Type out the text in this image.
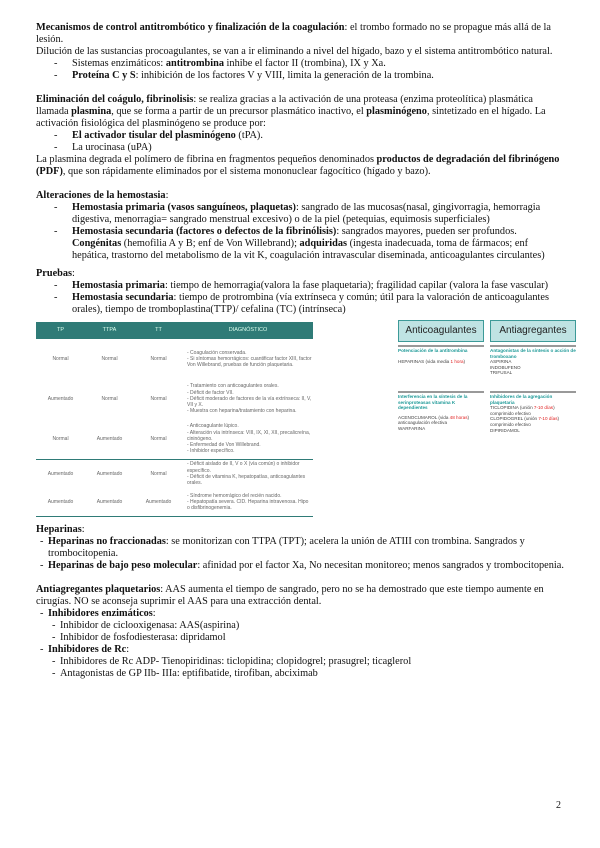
Mecanismos de control antitrombótico y finalización de la coagulación: el trombo formado no se propague más allá de la lesión.

Dilución de las sustancias procoagulantes, se van a ir eliminando a nivel del hígado, bazo y el sistema antitrombótico natural.

- Sistemas enzimáticos: antitrombina inhibe el factor II (trombina), IX y Xa.

- Proteína C y S: inhibición de los factores V y VIII, limita la generación de la trombina.

Eliminación del coágulo, fibrinolisis: se realiza gracias a la activación de una proteasa (enzima proteolítica) plasmática llamada plasmina, que se forma a partir de un precursor plasmático inactivo, el plasminógeno, sintetizado en el hígado. La activación fisiológica del plasminógeno se produce por:

- El activador tisular del plasminógeno (tPA).

- La urocinasa (uPA)

La plasmina degrada el polímero de fibrina en fragmentos pequeños denominados productos de degradación del fibrinógeno (PDF), que son rápidamente eliminados por el sistema mononuclear fagocítico (hígado y bazo).

Alteraciones de la hemostasia:

- Hemostasia primaria (vasos sanguíneos, plaquetas): sangrado de las mucosas(nasal, gingivorragia, hemorragia digestiva, menorragia= sangrado menstrual excesivo) o de la piel (petequias, equimosis superficiales)

- Hemostasia secundaria (factores o defectos de la fibrinólisis): sangrados mayores, pueden ser profundos. Congénitas (hemofilia A y B; enf de Von Willebrand); adquiridas (ingesta inadecuada, toma de fármacos; enf hepática, trastorno del metabolismo de la vit K, coagulación intravascular diseminada, anticoagulantes circulantes)

Pruebas:

- Hemostasia primaria: tiempo de hemorragia(valora la fase plaquetaria); fragilidad capilar (valora la fase vascular)

- Hemostasia secundaria: tiempo de protrombina (vía extrínseca y común; útil para la valoración de anticoagulantes orales), tiempo de tromboplastina(TTP)/ cefalina (TC) (intrínseca)

TP	TTPA	TT	DIAGNÓSTICO
Normal	Normal	Normal	- Coagulación conservada.
- Si síntomas hemorrágicos: cuantificar factor XIII, factor Von Willebrand, pruebas de función plaquetaria.
Aumentado	Normal	Normal	- Tratamiento con anticoagulantes orales.
- Déficit de factor VII.
- Déficit moderado de factores de la vía extrínseca: II, V, VII y X.
- Muestra con heparina/tratamiento con heparina.
Normal	Aumentado	Normal	- Anticoagulante lúpico.
- Alteración vía intrínseca: VIII, IX, XI, XII, precalicreína, cininógeno.
- Enfermedad de Von Willebrand.
- Inhibidor específico.
Aumentado	Aumentado	Normal	- Déficit aislado de II, V o X (vía común) o inhibidor específico.
- Déficit de vitamina K, hepatopatías, anticoagulantes orales.
Aumentado	Aumentado	Aumentado	- Síndrome hemorrágico del recién nacido.
- Hepatopatía severa. CID. Heparina intravenosa. Hipo o disfibrinogenemia.
Anticoagulantes
Potenciación de la antitrombina
HEPARINAS (vida media 1 hora)
Interferencia en la síntesis de la serinproteasas vitamina K dependientes
ACENOCUMAROL (vida 48 horas) anticoagulación efectiva
WARFARINA
Antiagregantes
Antagonistas de la síntesis o acción de tromboxano
ASPIRINA
INDOBUFENO
TRIFUSAL
Inhibidores de la agregación plaquetaria
TICLOPIDINA (unión 7-10 días) comprimido efectivo
CLOPIDOGREL (unión 7-10 días) comprimido efectivo
DIPIRIDAMOL

Heparinas:

- Heparinas no fraccionadas: se monitorizan con TTPA (TPT); acelera la unión de ATIII con trombina. Sangrados y trombocitopenia.

- Heparinas de bajo peso molecular: afinidad por el factor Xa, No necesitan monitoreo; menos sangrados y trombocitopenia.

Antiagregantes plaquetarios: AAS aumenta el tiempo de sangrado, pero no se ha demostrado que este tiempo aumente en cirugías. NO se aconseja suprimir el AAS para una extracción dental.

- Inhibidores enzimáticos:

- Inhibidor de ciclooxigenasa: AAS(aspirina)

- Inhibidor de fosfodiesterasa: dipridamol

- Inhibidores de Rc:

- Inhibidores de Rc ADP- Tienopiridinas: ticlopidina; clopidogrel; prasugrel; ticaglerol

- Antagonistas de GP IIb- IIIa: eptifibatide, tirofiban, abciximab

2
